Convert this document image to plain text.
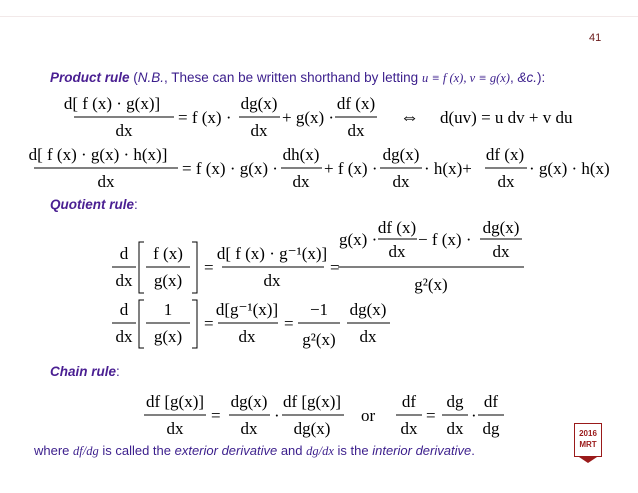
41
Product rule (N.B., These can be written shorthand by letting u ≡ f (x), v ≡ g(x), &c.):
d[ f (x) · g(x)]
dx
= f (x) ·
dg(x)
dx
+ g(x) ·
df (x)
dx
⇔ d(uv) = u dv + v du
d[ f (x) · g(x) · h(x)]
dx
= f (x) · g(x) ·
dh(x)
dx
+ f (x) ·
dg(x)
dx
· h(x)+
df (x)
dx
· g(x) · h(x)
Quotient rule:
d
dx
f (x)
g(x)
=
d[ f (x) · g⁻¹(x)]
dx
=
g(x) ·
df (x)
dx
− f (x) ·
dg(x)
dx
g²(x)
d
dx
1
g(x)
=
d[g⁻¹(x)]
dx
=
−1
g²(x)
dg(x)
dx
Chain rule:
df [g(x)]
dx
=
dg(x)
dx
·
df [g(x)]
dg(x)
or
df
dx
=
dg
dx
·
df
dg
where df/dg is called the exterior derivative and dg/dx is the interior derivative.
2016
MRT
